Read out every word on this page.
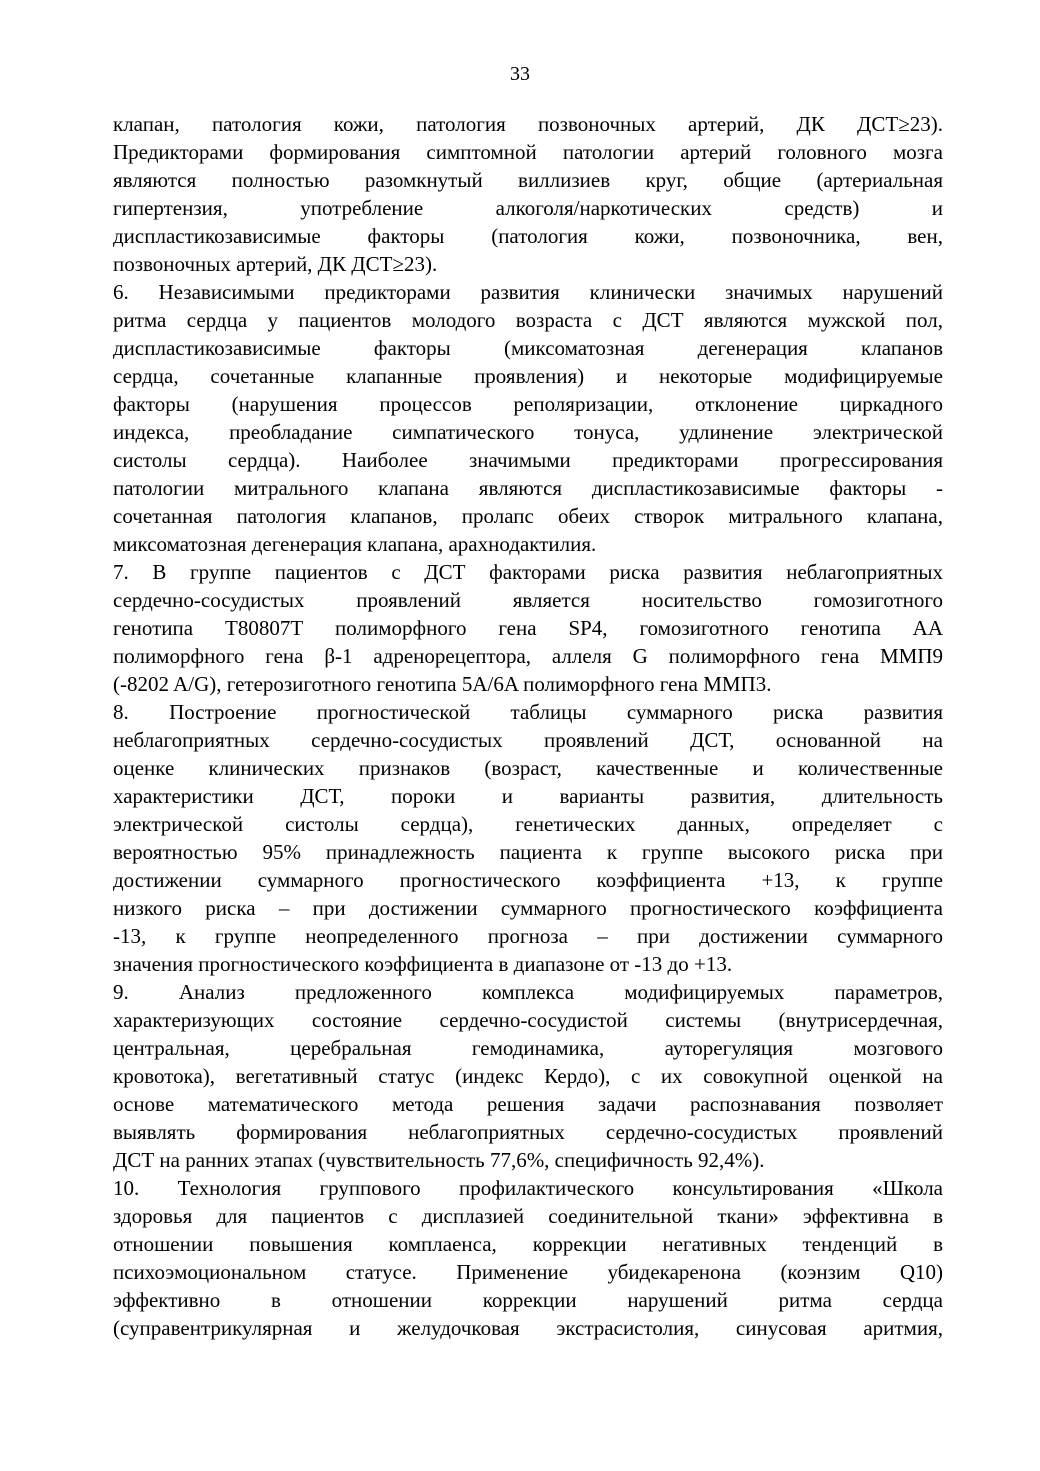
33
клапан, патология кожи, патология позвоночных артерий, ДК ДСТ≥23).
Предикторами формирования симптомной патологии артерий головного мозга
являются полностью разомкнутый виллизиев круг, общие (артериальная
гипертензия, употребление алкоголя/наркотических средств) и
диспластикозависимые факторы (патология кожи, позвоночника, вен,
позвоночных артерий, ДК ДСТ≥23).
6. Независимыми предикторами развития клинически значимых нарушений
ритма сердца у пациентов молодого возраста с ДСТ являются мужской пол,
диспластикозависимые факторы (миксоматозная дегенерация клапанов
сердца, сочетанные клапанные проявления) и некоторые модифицируемые
факторы (нарушения процессов реполяризации, отклонение циркадного
индекса, преобладание симпатического тонуса, удлинение электрической
систолы сердца). Наиболее значимыми предикторами прогрессирования
патологии митрального клапана являются диспластикозависимые факторы -
сочетанная патология клапанов, пролапс обеих створок митрального клапана,
миксоматозная дегенерация клапана, арахнодактилия.
7. В группе пациентов с ДСТ факторами риска развития неблагоприятных
сердечно-сосудистых проявлений является носительство гомозиготного
генотипа Т80807Т полиморфного гена SP4, гомозиготного генотипа АА
полиморфного гена β-1 адренорецептора, аллеля G полиморфного гена ММП9
(-8202 A/G), гетерозиготного генотипа 5A/6A полиморфного гена ММП3.
8. Построение прогностической таблицы суммарного риска развития
неблагоприятных сердечно-сосудистых проявлений ДСТ, основанной на
оценке клинических признаков (возраст, качественные и количественные
характеристики ДСТ, пороки и варианты развития, длительность
электрической систолы сердца), генетических данных, определяет с
вероятностью 95% принадлежность пациента к группе высокого риска при
достижении суммарного прогностического коэффициента +13, к группе
низкого риска – при достижении суммарного прогностического коэффициента
-13, к группе неопределенного прогноза – при достижении суммарного
значения прогностического коэффициента в диапазоне от -13 до +13.
9. Анализ предложенного комплекса модифицируемых параметров,
характеризующих состояние сердечно-сосудистой системы (внутрисердечная,
центральная, церебральная гемодинамика, ауторегуляция мозгового
кровотока), вегетативный статус (индекс Кердо), с их совокупной оценкой на
основе математического метода решения задачи распознавания позволяет
выявлять формирования неблагоприятных сердечно-сосудистых проявлений
ДСТ на ранних этапах (чувствительность 77,6%, специфичность 92,4%).
10. Технология группового профилактического консультирования «Школа
здоровья для пациентов с дисплазией соединительной ткани» эффективна в
отношении повышения комплаенса, коррекции негативных тенденций в
психоэмоциональном статусе. Применение убидекаренона (коэнзим Q10)
эффективно в отношении коррекции нарушений ритма сердца
(суправентрикулярная и желудочковая экстрасистолия, синусовая аритмия,
